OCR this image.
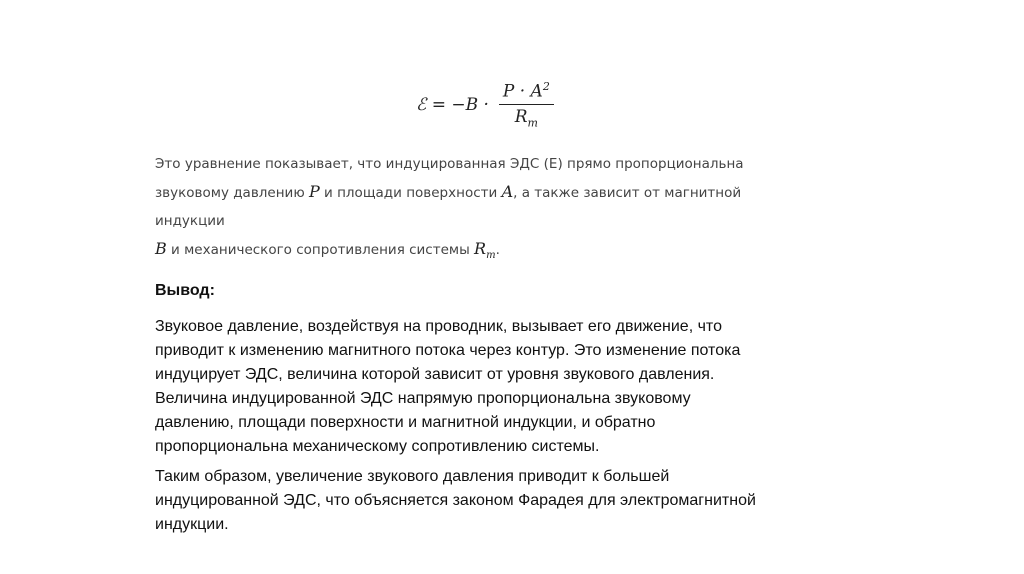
ℰ = $-B \cdot \frac{P \cdot A^2}{R_m}$
Это уравнение показывает, что индуцированная ЭДС (E) прямо пропорциональна
звуковому давлению P и площади поверхности A, а также зависит от магнитной индукции
B и механического сопротивления системы $R_m$.
Вывод:
Звуковое давление, воздействуя на проводник, вызывает его движение, что
приводит к изменению магнитного потока через контур. Это изменение потока
индуцирует ЭДС, величина которой зависит от уровня звукового давления.
Величина индуцированной ЭДС напрямую пропорциональна звуковому
давлению, площади поверхности и магнитной индукции, и обратно
пропорциональна механическому сопротивлению системы.
Таким образом, увеличение звукового давления приводит к большей
индуцированной ЭДС, что объясняется законом Фарадея для электромагнитной
индукции.
